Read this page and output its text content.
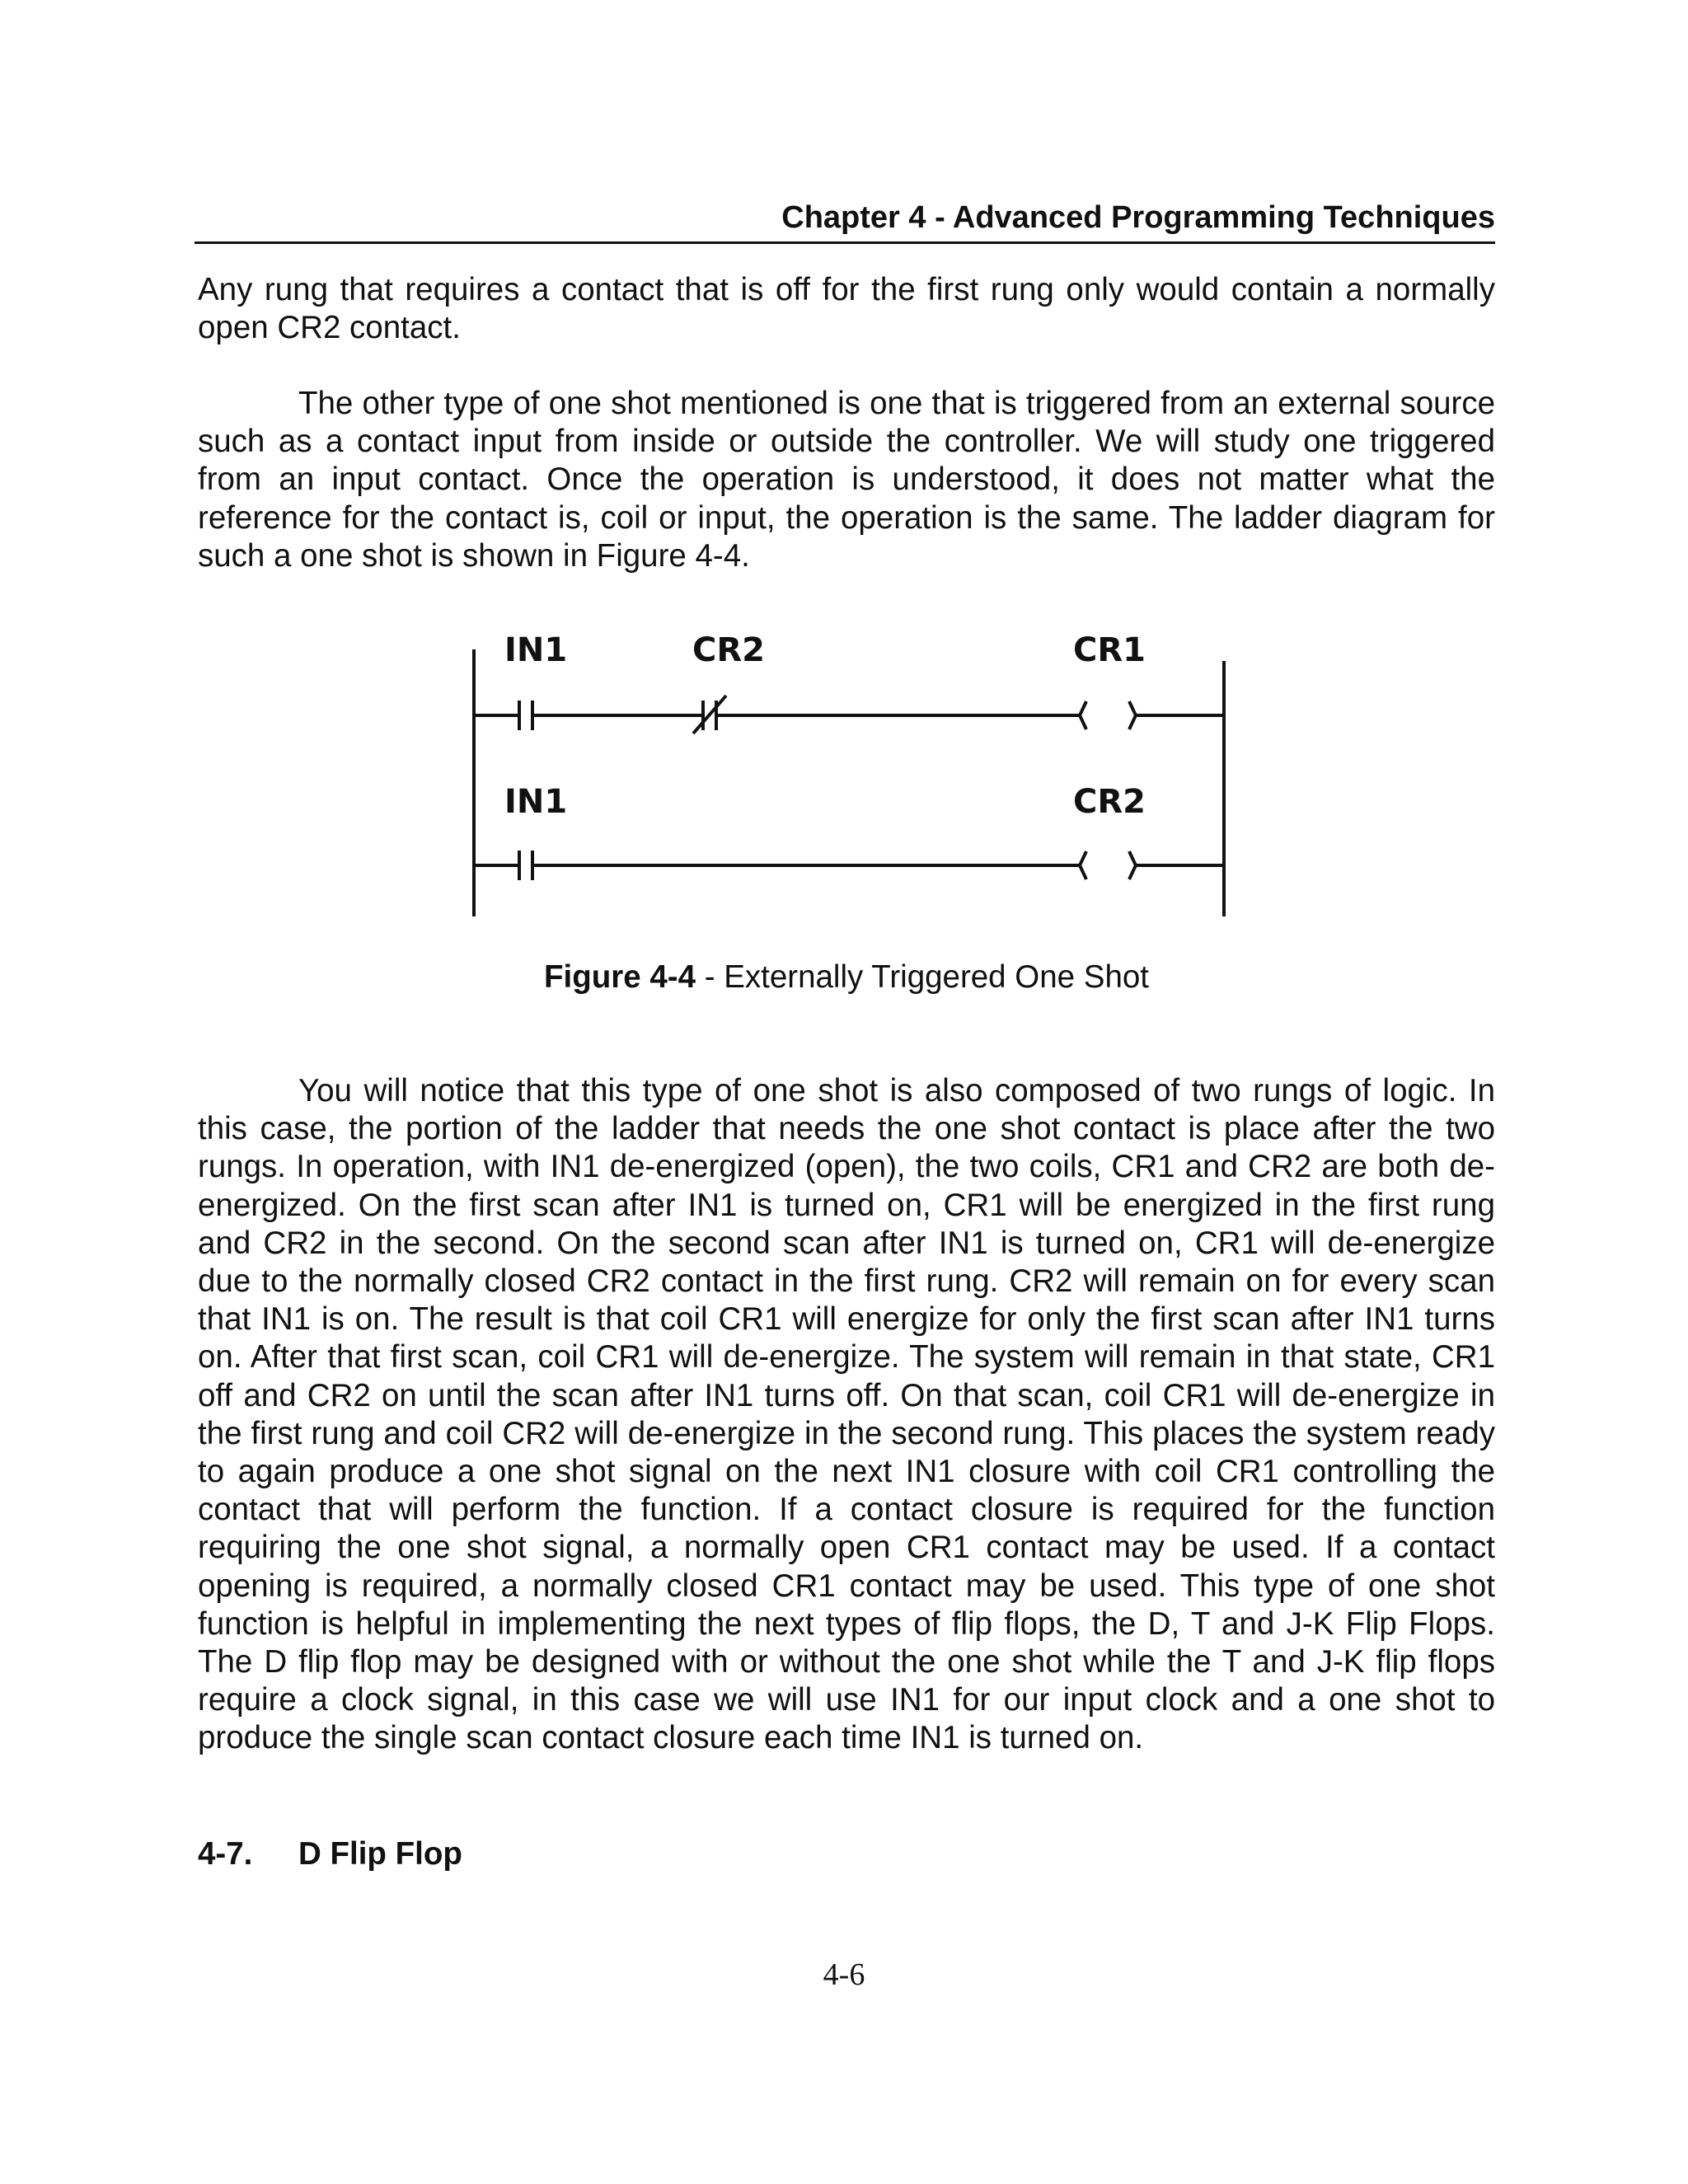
Chapter 4 - Advanced Programming Techniques

Any rung that requires a contact that is off for the first rung only would contain a normally open CR2 contact.

The other type of one shot mentioned is one that is triggered from an external source such as a contact input from inside or outside the controller. We will study one triggered from an input contact. Once the operation is understood, it does not matter what the reference for the contact is, coil or input, the operation is the same. The ladder diagram for such a one shot is shown in Figure 4-4.

IN1	CR2	CR1
IN1	CR2
Figure 4-4 - Externally Triggered One Shot

You will notice that this type of one shot is also composed of two rungs of logic. In this case, the portion of the ladder that needs the one shot contact is place after the two rungs. In operation, with IN1 de-energized (open), the two coils, CR1 and CR2 are both de-energized. On the first scan after IN1 is turned on, CR1 will be energized in the first rung and CR2 in the second. On the second scan after IN1 is turned on, CR1 will de-energize due to the normally closed CR2 contact in the first rung. CR2 will remain on for every scan that IN1 is on. The result is that coil CR1 will energize for only the first scan after IN1 turns on. After that first scan, coil CR1 will de-energize. The system will remain in that state, CR1 off and CR2 on until the scan after IN1 turns off. On that scan, coil CR1 will de-energize in the first rung and coil CR2 will de-energize in the second rung. This places the system ready to again produce a one shot signal on the next IN1 closure with coil CR1 controlling the contact that will perform the function. If a contact closure is required for the function requiring the one shot signal, a normally open CR1 contact may be used. If a contact opening is required, a normally closed CR1 contact may be used. This type of one shot function is helpful in implementing the next types of flip flops, the D, T and J-K Flip Flops. The D flip flop may be designed with or without the one shot while the T and J-K flip flops require a clock signal, in this case we will use IN1 for our input clock and a one shot to produce the single scan contact closure each time IN1 is turned on.

4-7. D Flip Flop
4-6
